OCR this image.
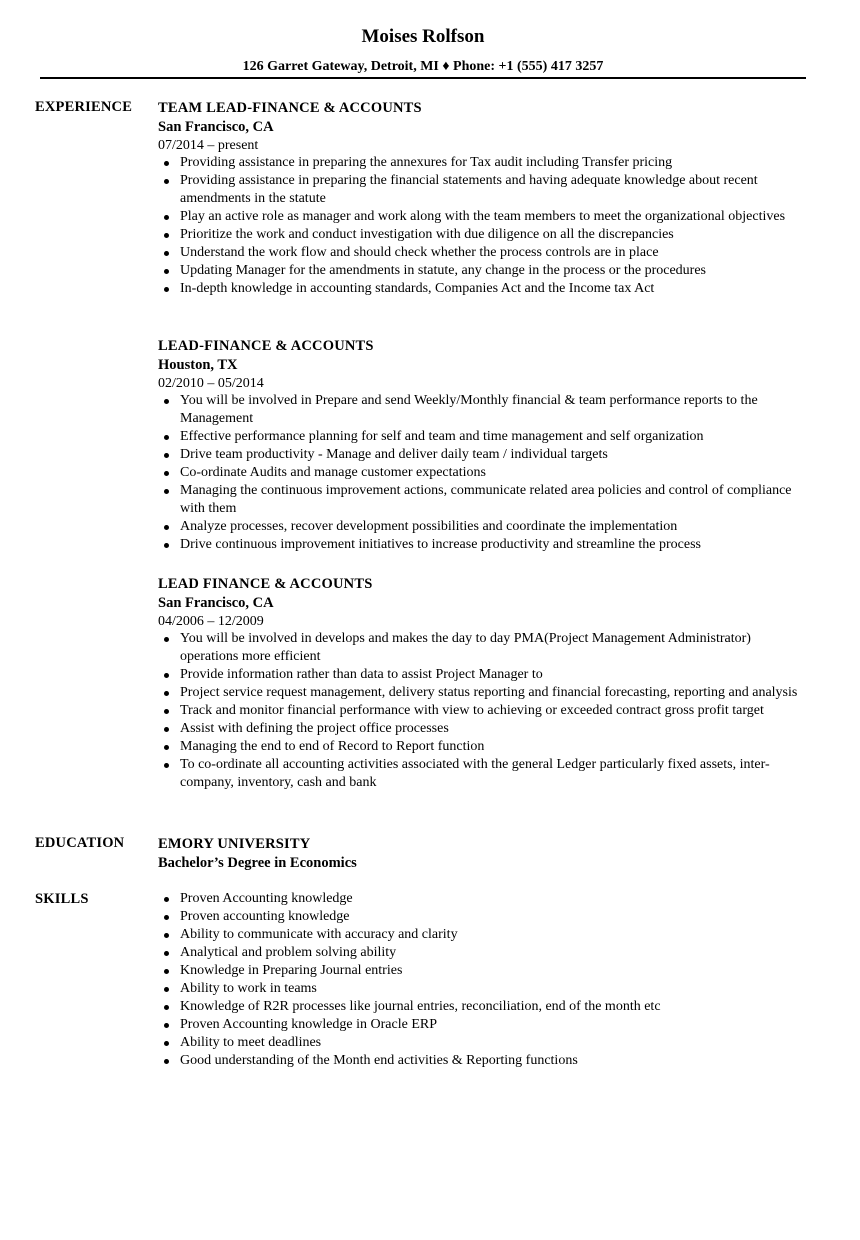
Moises Rolfson
126 Garret Gateway, Detroit, MI ♦ Phone: +1 (555) 417 3257
EXPERIENCE TEAM LEAD-FINANCE & ACCOUNTS
San Francisco, CA
07/2014 – present
Providing assistance in preparing the annexures for Tax audit including Transfer pricing
Providing assistance in preparing the financial statements and having adequate knowledge about recent amendments in the statute
Play an active role as manager and work along with the team members to meet the organizational objectives
Prioritize the work and conduct investigation with due diligence on all the discrepancies
Understand the work flow and should check whether the process controls are in place
Updating Manager for the amendments in statute, any change in the process or the procedures
In-depth knowledge in accounting standards, Companies Act and the Income tax Act
LEAD-FINANCE & ACCOUNTS
Houston, TX
02/2010 – 05/2014
You will be involved in Prepare and send Weekly/Monthly financial & team performance reports to the Management
Effective performance planning for self and team and time management and self organization
Drive team productivity - Manage and deliver daily team / individual targets
Co-ordinate Audits and manage customer expectations
Managing the continuous improvement actions, communicate related area policies and control of compliance with them
Analyze processes, recover development possibilities and coordinate the implementation
Drive continuous improvement initiatives to increase productivity and streamline the process
LEAD FINANCE & ACCOUNTS
San Francisco, CA
04/2006 – 12/2009
You will be involved in develops and makes the day to day PMA(Project Management Administrator) operations more efficient
Provide information rather than data to assist Project Manager to
Project service request management, delivery status reporting and financial forecasting, reporting and analysis
Track and monitor financial performance with view to achieving or exceeded contract gross profit target
Assist with defining the project office processes
Managing the end to end of Record to Report function
To co-ordinate all accounting activities associated with the general Ledger particularly fixed assets, inter-company, inventory, cash and bank
EDUCATION EMORY UNIVERSITY
Bachelor’s Degree in Economics
SKILLS	Proven Accounting knowledge
Proven accounting knowledge
Ability to communicate with accuracy and clarity
Analytical and problem solving ability
Knowledge in Preparing Journal entries
Ability to work in teams
Knowledge of R2R processes like journal entries, reconciliation, end of the month etc
Proven Accounting knowledge in Oracle ERP
Ability to meet deadlines
Good understanding of the Month end activities & Reporting functions
